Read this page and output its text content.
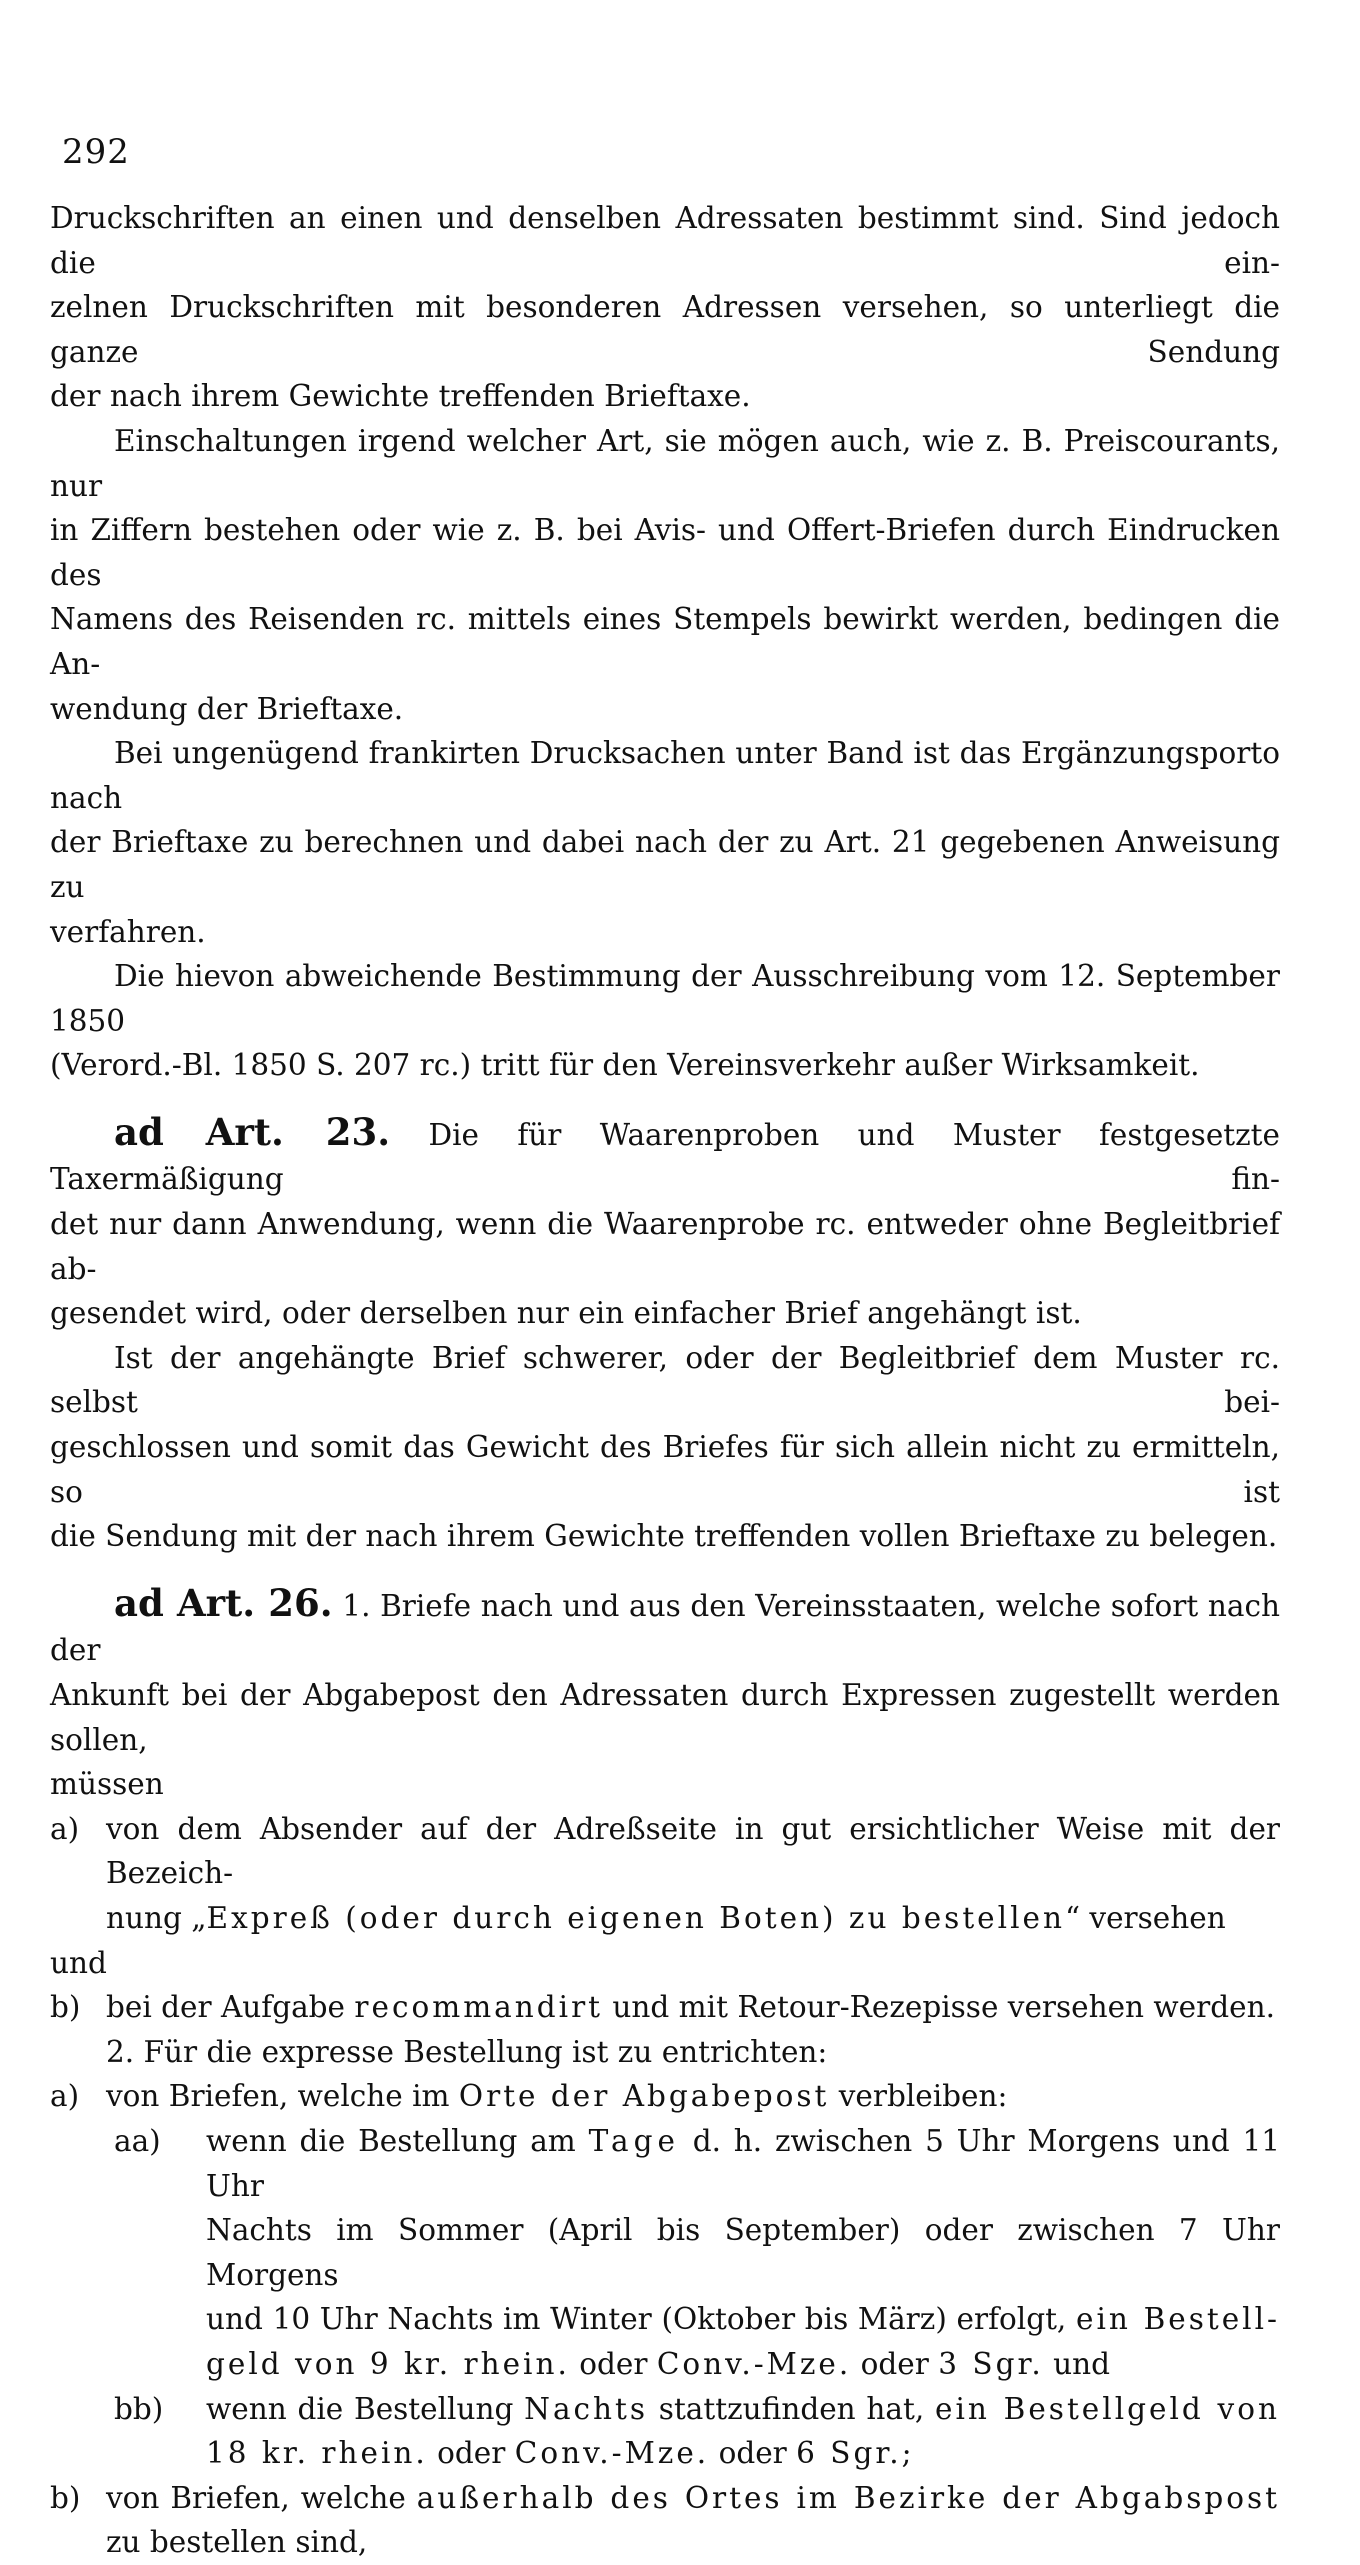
292

Druckschriften an einen und denselben Adressaten bestimmt sind. Sind jedoch die ein-

zelnen Druckschriften mit besonderen Adressen versehen, so unterliegt die ganze Sendung

der nach ihrem Gewichte treffenden Brieftaxe.

Einschaltungen irgend welcher Art, sie mögen auch, wie z. B. Preiscourants, nur

in Ziffern bestehen oder wie z. B. bei Avis- und Offert-Briefen durch Eindrucken des

Namens des Reisenden rc. mittels eines Stempels bewirkt werden, bedingen die An-

wendung der Brieftaxe.

Bei ungenügend frankirten Drucksachen unter Band ist das Ergänzungsporto nach

der Brieftaxe zu berechnen und dabei nach der zu Art. 21 gegebenen Anweisung zu

verfahren.

Die hievon abweichende Bestimmung der Ausschreibung vom 12. September 1850

(Verord.-Bl. 1850 S. 207 rc.) tritt für den Vereinsverkehr außer Wirksamkeit.

ad Art. 23. Die für Waarenproben und Muster festgesetzte Taxermäßigung fin-

det nur dann Anwendung, wenn die Waarenprobe rc. entweder ohne Begleitbrief ab-

gesendet wird, oder derselben nur ein einfacher Brief angehängt ist.

Ist der angehängte Brief schwerer, oder der Begleitbrief dem Muster rc. selbst bei-

geschlossen und somit das Gewicht des Briefes für sich allein nicht zu ermitteln, so ist

die Sendung mit der nach ihrem Gewichte treffenden vollen Brieftaxe zu belegen.

ad Art. 26. 1. Briefe nach und aus den Vereinsstaaten, welche sofort nach der

Ankunft bei der Abgabepost den Adressaten durch Expressen zugestellt werden sollen,

müssen

a) von dem Absender auf der Adreßseite in gut ersichtlicher Weise mit der Bezeich-

nung „Expreß (oder durch eigenen Boten) zu bestellen“ versehen

und

b) bei der Aufgabe recommandirt und mit Retour-Rezepisse versehen werden.

2. Für die expresse Bestellung ist zu entrichten:

a) von Briefen, welche im Orte der Abgabepost verbleiben:

aa)	wenn die Bestellung am Tage d. h. zwischen 5 Uhr Morgens und 11 Uhr

Nachts im Sommer (April bis September) oder zwischen 7 Uhr Morgens

und 10 Uhr Nachts im Winter (Oktober bis März) erfolgt, ein Bestell-

geld von 9 kr. rhein. oder Conv.-Mze. oder 3 Sgr. und

bb)	wenn die Bestellung Nachts stattzufinden hat, ein Bestellgeld von

18 kr. rhein. oder Conv.-Mze. oder 6 Sgr.;

b) von Briefen, welche außerhalb des Ortes im Bezirke der Abgabspost

zu bestellen sind,
